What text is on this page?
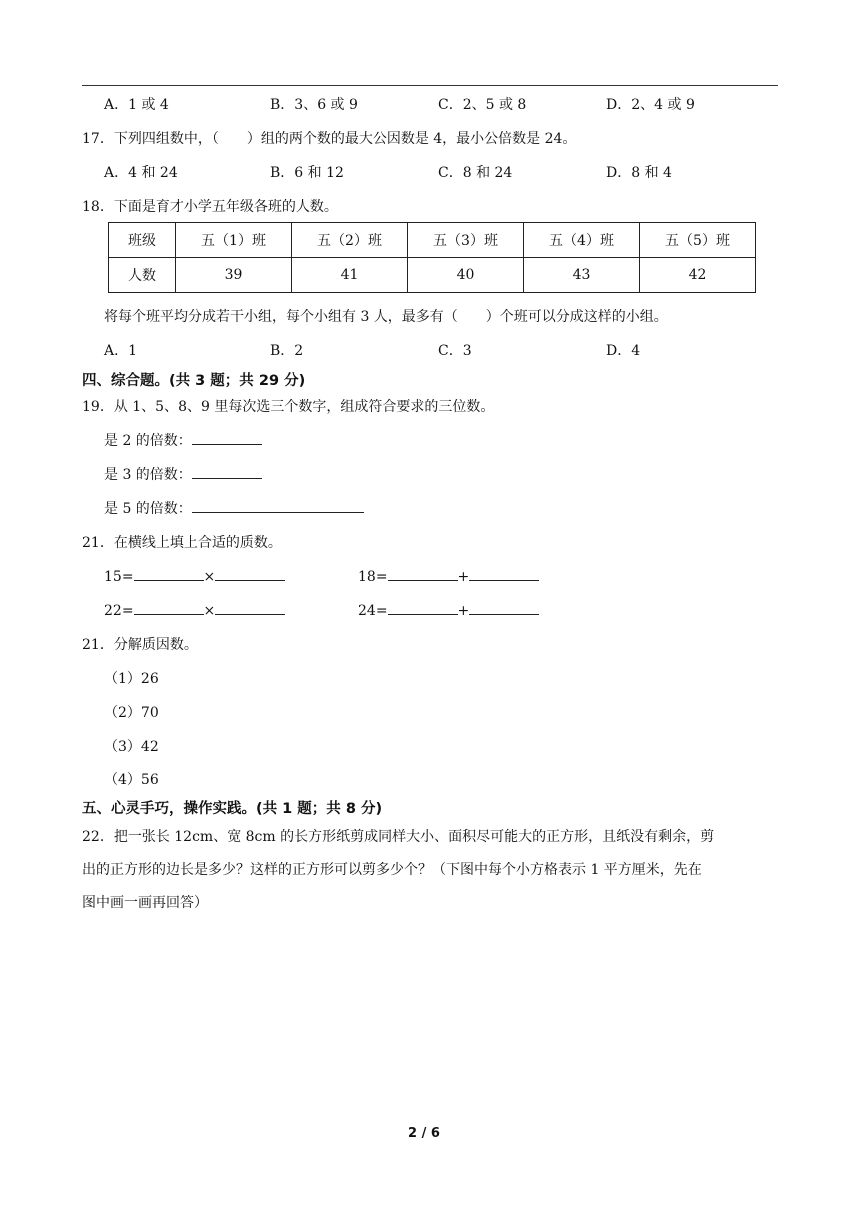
A．1 或 4	B．3、6 或 9	C．2、5 或 8	D．2、4 或 9
17．下列四组数中，（　　）组的两个数的最大公因数是 4，最小公倍数是 24。
A．4 和 24	B．6 和 12	C．8 和 24	D．8 和 4
18．下面是育才小学五年级各班的人数。
班级	五（1）班	五（2）班	五（3）班	五（4）班	五（5）班
人数	39	41	40	43	42
将每个班平均分成若干小组，每个小组有 3 人，最多有（　　）个班可以分成这样的小组。
A．1	B．2	C．3	D．4
四、综合题。(共 3 题；共 29 分)
19．从 1、5、8、9 里每次选三个数字，组成符合要求的三位数。
是 2 的倍数：
是 3 的倍数：
是 5 的倍数：
21．在横线上填上合适的质数。
15=	×	18=	+
22=	×	24=	+
21．分解质因数。
（1）26
（2）70
（3）42
（4）56
五、心灵手巧，操作实践。(共 1 题；共 8 分)
22．把一张长 12cm、宽 8cm 的长方形纸剪成同样大小、面积尽可能大的正方形，且纸没有剩余，剪
出的正方形的边长是多少？这样的正方形可以剪多少个？（下图中每个小方格表示 1 平方厘米，先在
图中画一画再回答）
2 / 6
